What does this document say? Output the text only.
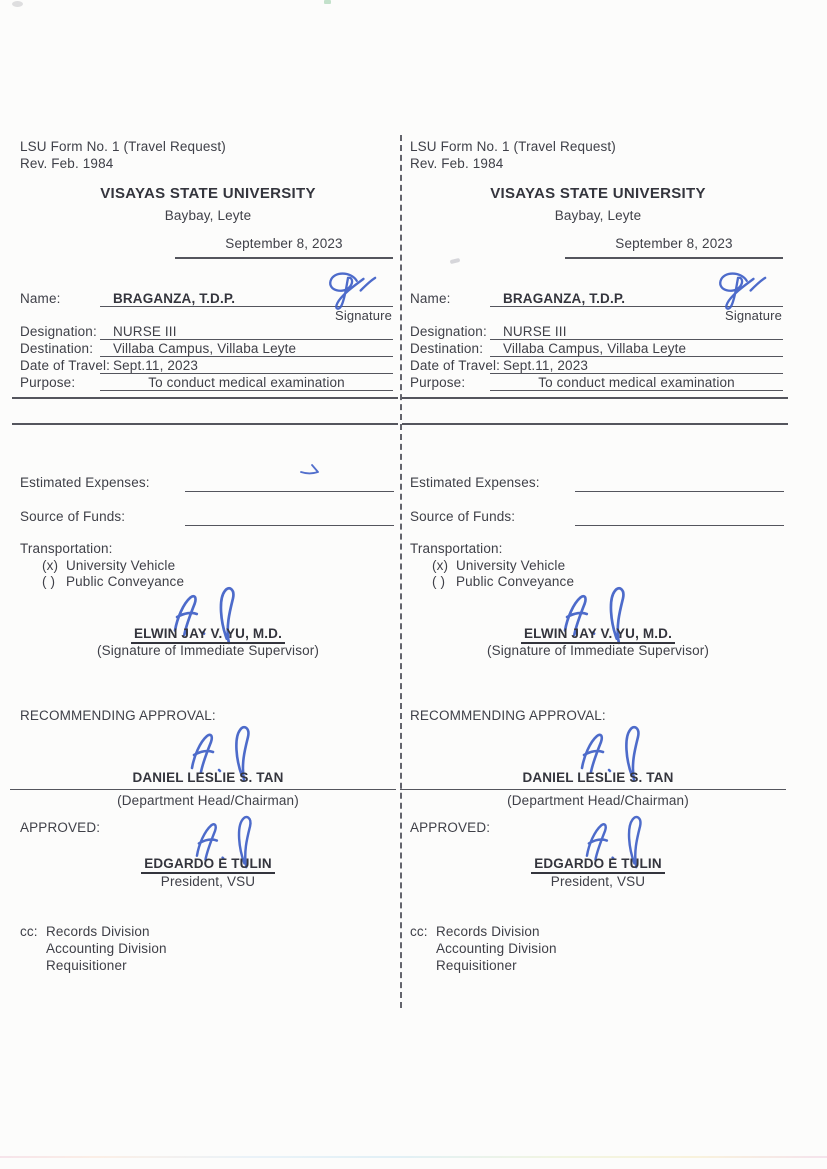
LSU Form No. 1 (Travel Request)
Rev. Feb. 1984
VISAYAS STATE UNIVERSITY
Baybay, Leyte
September 8, 2023
Name:	BRAGANZA, T.D.P.
Signature
Designation: NURSE III
Destination: Villaba Campus, Villaba Leyte
Date of Travel: Sept.11, 2023
Purpose:	To conduct medical examination
Estimated Expenses:
Source of Funds:
Transportation:
(x) University Vehicle
( ) Public Conveyance
ELWIN JAY V. YU, M.D.
(Signature of Immediate Supervisor)
RECOMMENDING APPROVAL:
DANIEL LESLIE S. TAN
(Department Head/Chairman)
APPROVED:
EDGARDO E TULIN
President, VSU
cc: Records Division
Accounting Division
Requisitioner
LSU Form No. 1 (Travel Request)
Rev. Feb. 1984
VISAYAS STATE UNIVERSITY
Baybay, Leyte
September 8, 2023
Name:	BRAGANZA, T.D.P.
Signature
Designation: NURSE III
Destination: Villaba Campus, Villaba Leyte
Date of Travel: Sept.11, 2023
Purpose:	To conduct medical examination
Estimated Expenses:
Source of Funds:
Transportation:
(x) University Vehicle
( ) Public Conveyance
ELWIN JAY V. YU, M.D.
(Signature of Immediate Supervisor)
RECOMMENDING APPROVAL:
DANIEL LESLIE S. TAN
(Department Head/Chairman)
APPROVED:
EDGARDO E TULIN
President, VSU
cc: Records Division
Accounting Division
Requisitioner
